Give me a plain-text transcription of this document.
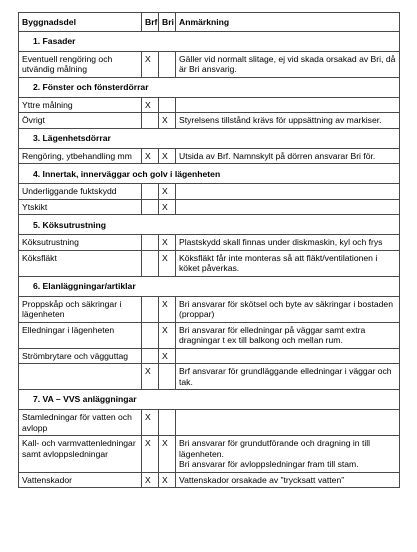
Byggnadsdel	Brf	Bri	Anmärkning
1. Fasader			
Eventuell rengöring och utvändig målning	X		Gäller vid normalt slitage, ej vid skada orsakad av Bri, då är Bri ansvarig.
2. Fönster och fönsterdörrar			
Yttre målning	X		
Övrigt		X	Styrelsens tillstånd krävs för uppsättning av markiser.
3. Lägenhetsdörrar			
Rengöring, ytbehandling mm	X	X	Utsida av Brf. Namnskylt på dörren ansvarar Bri för.
4. Innertak, innerväggar och golv i lägenheten			
Underliggande fuktskydd		X	
Ytskikt		X	
5. Köksutrustning			
Köksutrustning		X	Plastskydd skall finnas under diskmaskin, kyl och frys
Köksfläkt		X	Köksfläkt får inte monteras så att fläkt/ventilationen i köket påverkas.
6. Elanläggningar/artiklar			
Proppskåp och säkringar i lägenheten		X	Bri ansvarar för skötsel och byte av säkringar i bostaden (proppar)
Elledningar i lägenheten		X	Bri ansvarar för elledningar på väggar samt extra dragningar t ex till balkong och mellan rum.
Strömbrytare och vägguttag		X	
	X		Brf ansvarar för grundläggande elledningar i väggar och tak.
7. VA – VVS anläggningar			
Stamledningar för vatten och avlopp	X		
Kall- och varmvattenledningar samt avloppsledningar	X	X	Bri ansvarar för grundutförande och dragning in till lägenheten.
Bri ansvarar för avloppsledningar fram till stam.
Vattenskador	X	X	Vattenskador orsakade av ”trycksatt vatten”
